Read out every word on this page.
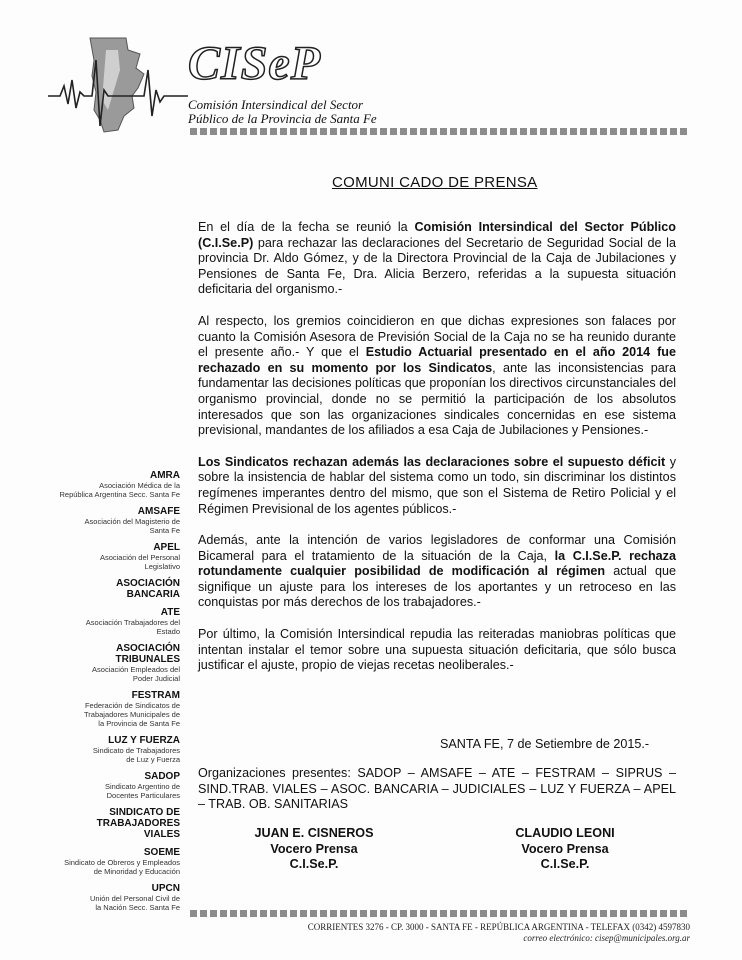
CISeP
Comisión Intersindical del Sector
Público de la Provincia de Santa Fe
AMRA
Asociación Médica de la
República Argentina Secc. Santa Fe
AMSAFE
Asociación del Magisterio de
Santa Fe
APEL
Asociación del Personal
Legislativo
ASOCIACIÓN
BANCARIA
ATE
Asociación Trabajadores del
Estado
ASOCIACIÓN
TRIBUNALES
Asociación Empleados del
Poder Judicial
FESTRAM
Federación de Sindicatos de
Trabajadores Municipales de
la Provincia de Santa Fe
LUZ Y FUERZA
Sindicato de Trabajadores
de Luz y Fuerza
SADOP
Sindicato Argentino de
Docentes Particulares
SINDICATO DE
TRABAJADORES
VIALES
SOEME
Sindicato de Obreros y Empleados
de Minoridad y Educación
UPCN
Unión del Personal Civil de
la Nación Secc. Santa Fe
COMUNI CADO DE PRENSA

En el día de la fecha se reunió la Comisión Intersindical del Sector Público (C.I.Se.P) para rechazar las declaraciones del Secretario de Seguridad Social de la provincia Dr. Aldo Gómez, y de la Directora Provincial de la Caja de Jubilaciones y Pensiones de Santa Fe, Dra. Alicia Berzero, referidas a la supuesta situación deficitaria del organismo.-

Al respecto, los gremios coincidieron en que dichas expresiones son falaces por cuanto la Comisión Asesora de Previsión Social de la Caja no se ha reunido durante el presente año.- Y que el Estudio Actuarial presentado en el año 2014 fue rechazado en su momento por los Sindicatos, ante las inconsistencias para fundamentar las decisiones políticas que proponían los directivos circunstanciales del organismo provincial, donde no se permitió la participación de los absolutos interesados que son las organizaciones sindicales concernidas en ese sistema previsional, mandantes de los afiliados a esa Caja de Jubilaciones y Pensiones.-

Los Sindicatos rechazan además las declaraciones sobre el supuesto déficit y sobre la insistencia de hablar del sistema como un todo, sin discriminar los distintos regímenes imperantes dentro del mismo, que son el Sistema de Retiro Policial y el Régimen Previsional de los agentes públicos.-

Además, ante la intención de varios legisladores de conformar una Comisión Bicameral para el tratamiento de la situación de la Caja, la C.I.Se.P. rechaza rotundamente cualquier posibilidad de modificación al régimen actual que signifique un ajuste para los intereses de los aportantes y un retroceso en las conquistas por más derechos de los trabajadores.-

Por último, la Comisión Intersindical repudia las reiteradas maniobras políticas que intentan instalar el temor sobre una supuesta situación deficitaria, que sólo busca justificar el ajuste, propio de viejas recetas neoliberales.-

SANTA FE, 7 de Setiembre de 2015.-
Organizaciones presentes: SADOP – AMSAFE – ATE – FESTRAM – SIPRUS – SIND.TRAB. VIALES – ASOC. BANCARIA – JUDICIALES – LUZ Y FUERZA – APEL – TRAB. OB. SANITARIAS
JUAN E. CISNEROS
Vocero Prensa
C.I.Se.P.
CLAUDIO LEONI
Vocero Prensa
C.I.Se.P.
CORRIENTES 3276 - CP. 3000 - SANTA FE - REPÚBLICA ARGENTINA - TELEFAX (0342) 4597830
correo electrónico: cisep@municipales.org.ar
